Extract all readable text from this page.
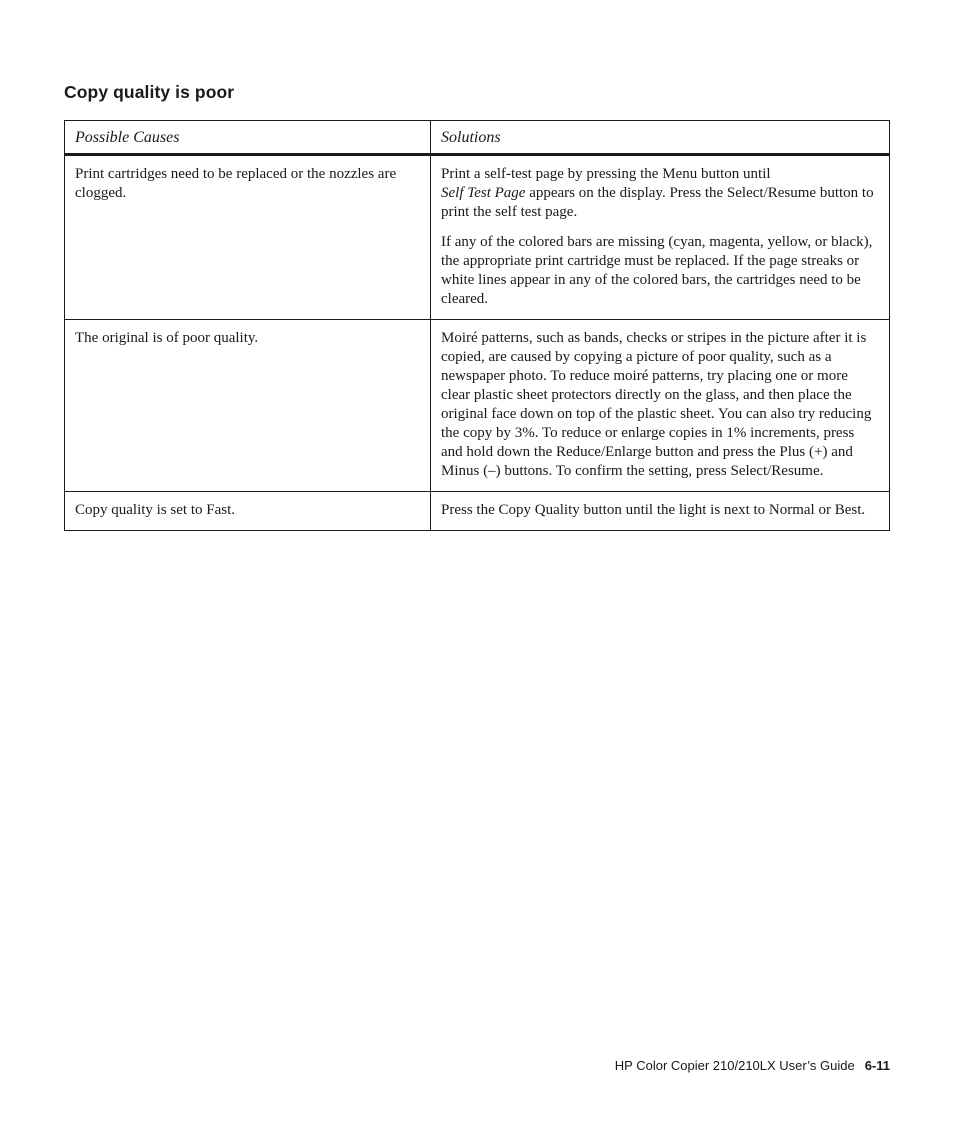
Copy quality is poor
Possible Causes	Solutions

Print cartridges need to be replaced or the nozzles are clogged.	Print a self-test page by pressing the Menu button until
Self Test Page appears on the display. Press the Select/Resume button to print the self test page.

If any of the colored bars are missing (cyan, magenta, yellow, or black), the appropriate print cartridge must be replaced. If the page streaks or white lines appear in any of the colored bars, the cartridges need to be cleared.

The original is of poor quality.	Moiré patterns, such as bands, checks or stripes in the picture after it is copied, are caused by copying a picture of poor quality, such as a newspaper photo. To reduce moiré patterns, try placing one or more clear plastic sheet protectors directly on the glass, and then place the original face down on top of the plastic sheet. You can also try reducing the copy by 3%. To reduce or enlarge copies in 1% increments, press and hold down the Reduce/Enlarge button and press the Plus (+) and Minus (–) buttons. To confirm the setting, press Select/Resume.

Copy quality is set to Fast.	Press the Copy Quality button until the light is next to Normal or Best.

HP Color Copier 210/210LX User’s Guide 6-11
